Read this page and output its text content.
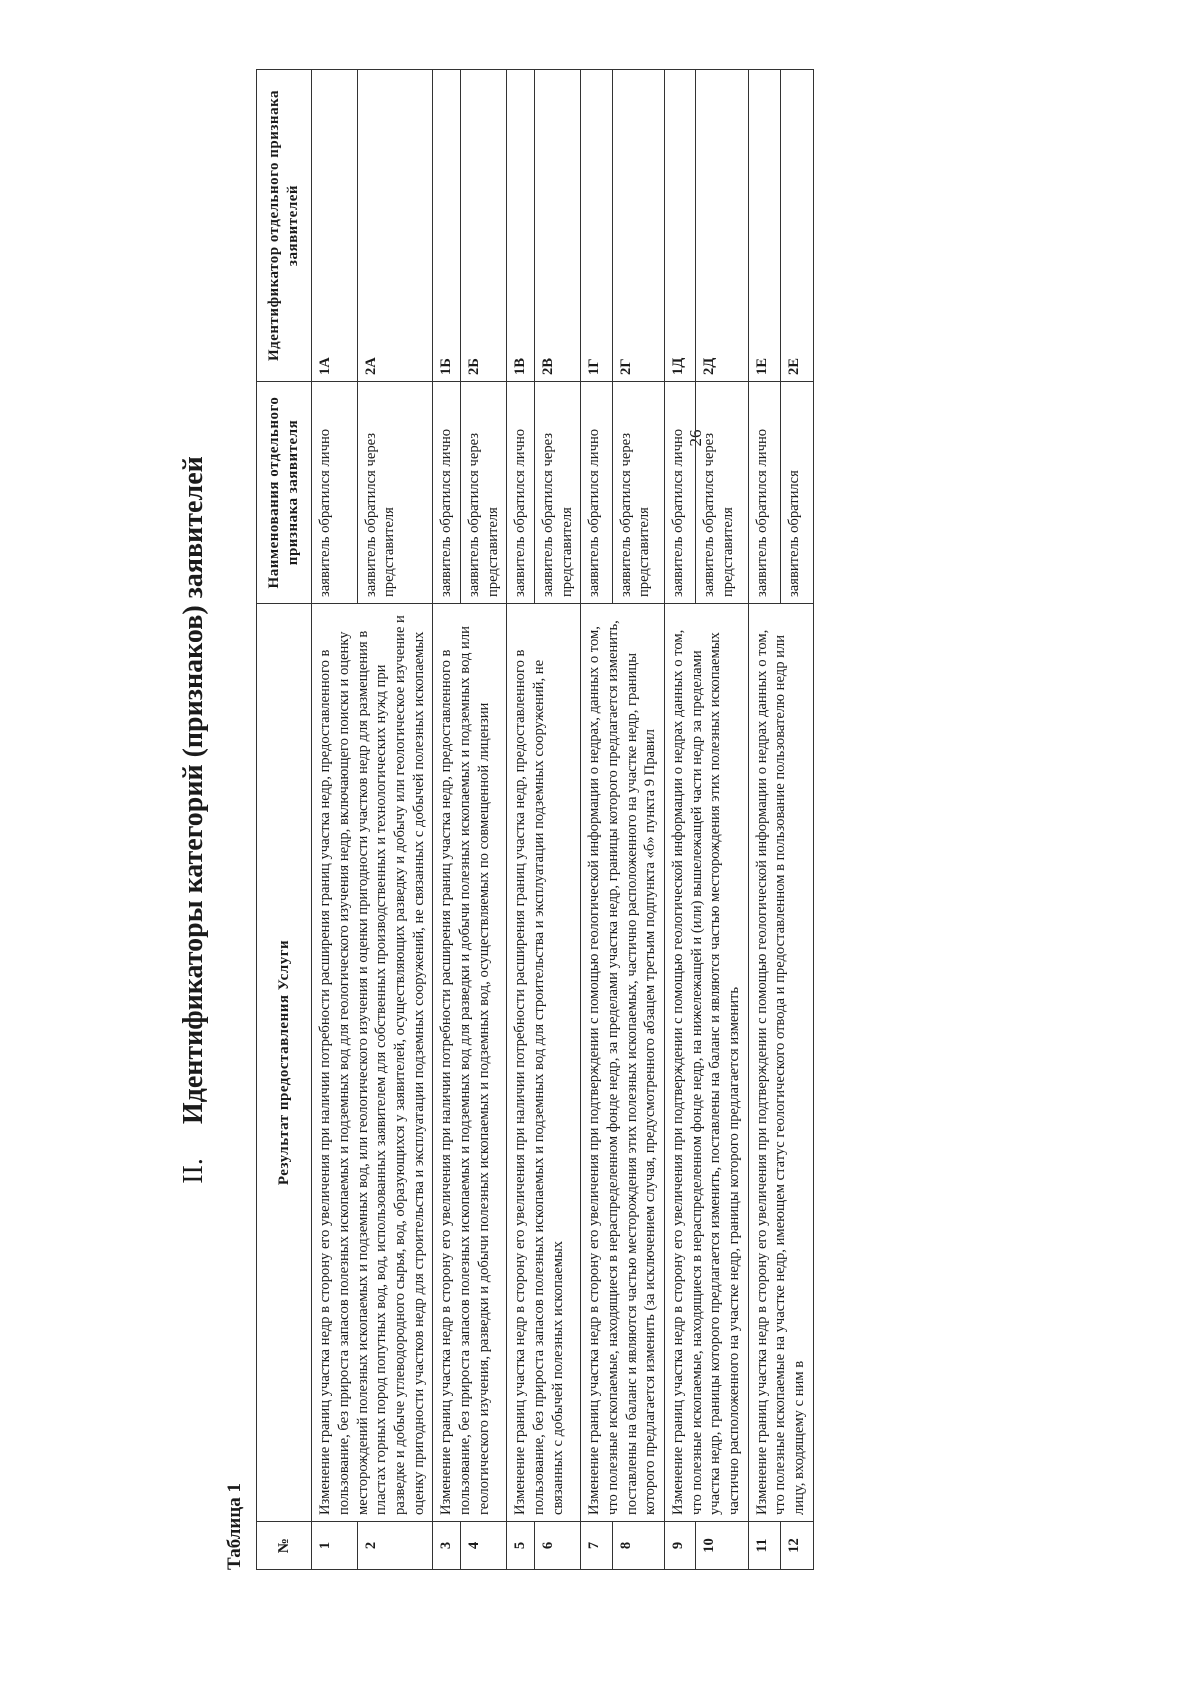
26
II.Идентификаторы категорий (признаков) заявителей
Таблица 1	№	Результат предоставления Услуги	Наименования отдельного признака заявителя	Идентификатор отдельного признака заявителей
1	Изменение границ участка недр в сторону его увеличения при наличии потребности расширения границ участка недр, предоставленного в пользование, без прироста запасов полезных ископаемых и подземных вод для геологического изучения недр, включающего поиски и оценку месторождений полезных ископаемых и подземных вод, или геологического изучения и оценки пригодности участков недр для размещения в пластах горных пород попутных вод, вод, использованных заявителем для собственных производственных и технологических нужд при разведке и добыче углеводородного сырья, вод, образующихся у заявителей, осуществляющих разведку и добычу или геологическое изучение и оценку пригодности участков недр для строительства и эксплуатации подземных сооружений, не связанных с добычей полезных ископаемых	заявитель обратился лично	1А
2		заявитель обратился через представителя	2А
3	Изменение границ участка недр в сторону его увеличения при наличии потребности расширения границ участка недр, предоставленного в пользование, без прироста запасов полезных ископаемых и подземных вод для разведки и добычи полезных ископаемых и подземных вод или геологического изучения, разведки и добычи полезных ископаемых и подземных вод, осуществляемых по совмещенной лицензии	заявитель обратился лично	1Б
4		заявитель обратился через представителя	2Б
5	Изменение границ участка недр в сторону его увеличения при наличии потребности расширения границ участка недр, предоставленного в пользование, без прироста запасов полезных ископаемых и подземных вод для строительства и эксплуатации подземных сооружений, не связанных с добычей полезных ископаемых	заявитель обратился лично	1В
6		заявитель обратился через представителя	2В
7	Изменение границ участка недр в сторону его увеличения при подтверждении с помощью геологической информации о недрах, данных о том, что полезные ископаемые, находящиеся в нераспределенном фонде недр, за пределами участка недр, границы которого предлагается изменить, поставлены на баланс и являются частью месторождения этих полезных ископаемых, частично расположенного на участке недр, границы которого предлагается изменить (за исключением случая, предусмотренного абзацем третьим подпункта «б» пункта 9 Правил	заявитель обратился лично	1Г
8		заявитель обратился через представителя	2Г
9	Изменение границ участка недр в сторону его увеличения при подтверждении с помощью геологической информации о недрах данных о том, что полезные ископаемые, находящиеся в нераспределенном фонде недр, на нижележащей и (или) вышележащей части недр за пределами участка недр, границы которого предлагается изменить, поставлены на баланс и являются частью месторождения этих полезных ископаемых частично расположенного на участке недр, границы которого предлагается изменить	заявитель обратился лично	1Д
10		заявитель обратился через представителя	2Д
11	Изменение границ участка недр в сторону его увеличения при подтверждении с помощью геологической информации о недрах данных о том, что полезные ископаемые на участке недр, имеющем статус геологического отвода и предоставленном в пользование пользователю недр или лицу, входящему с ним в	заявитель обратился лично	1Е
12		заявитель обратился	2Е
